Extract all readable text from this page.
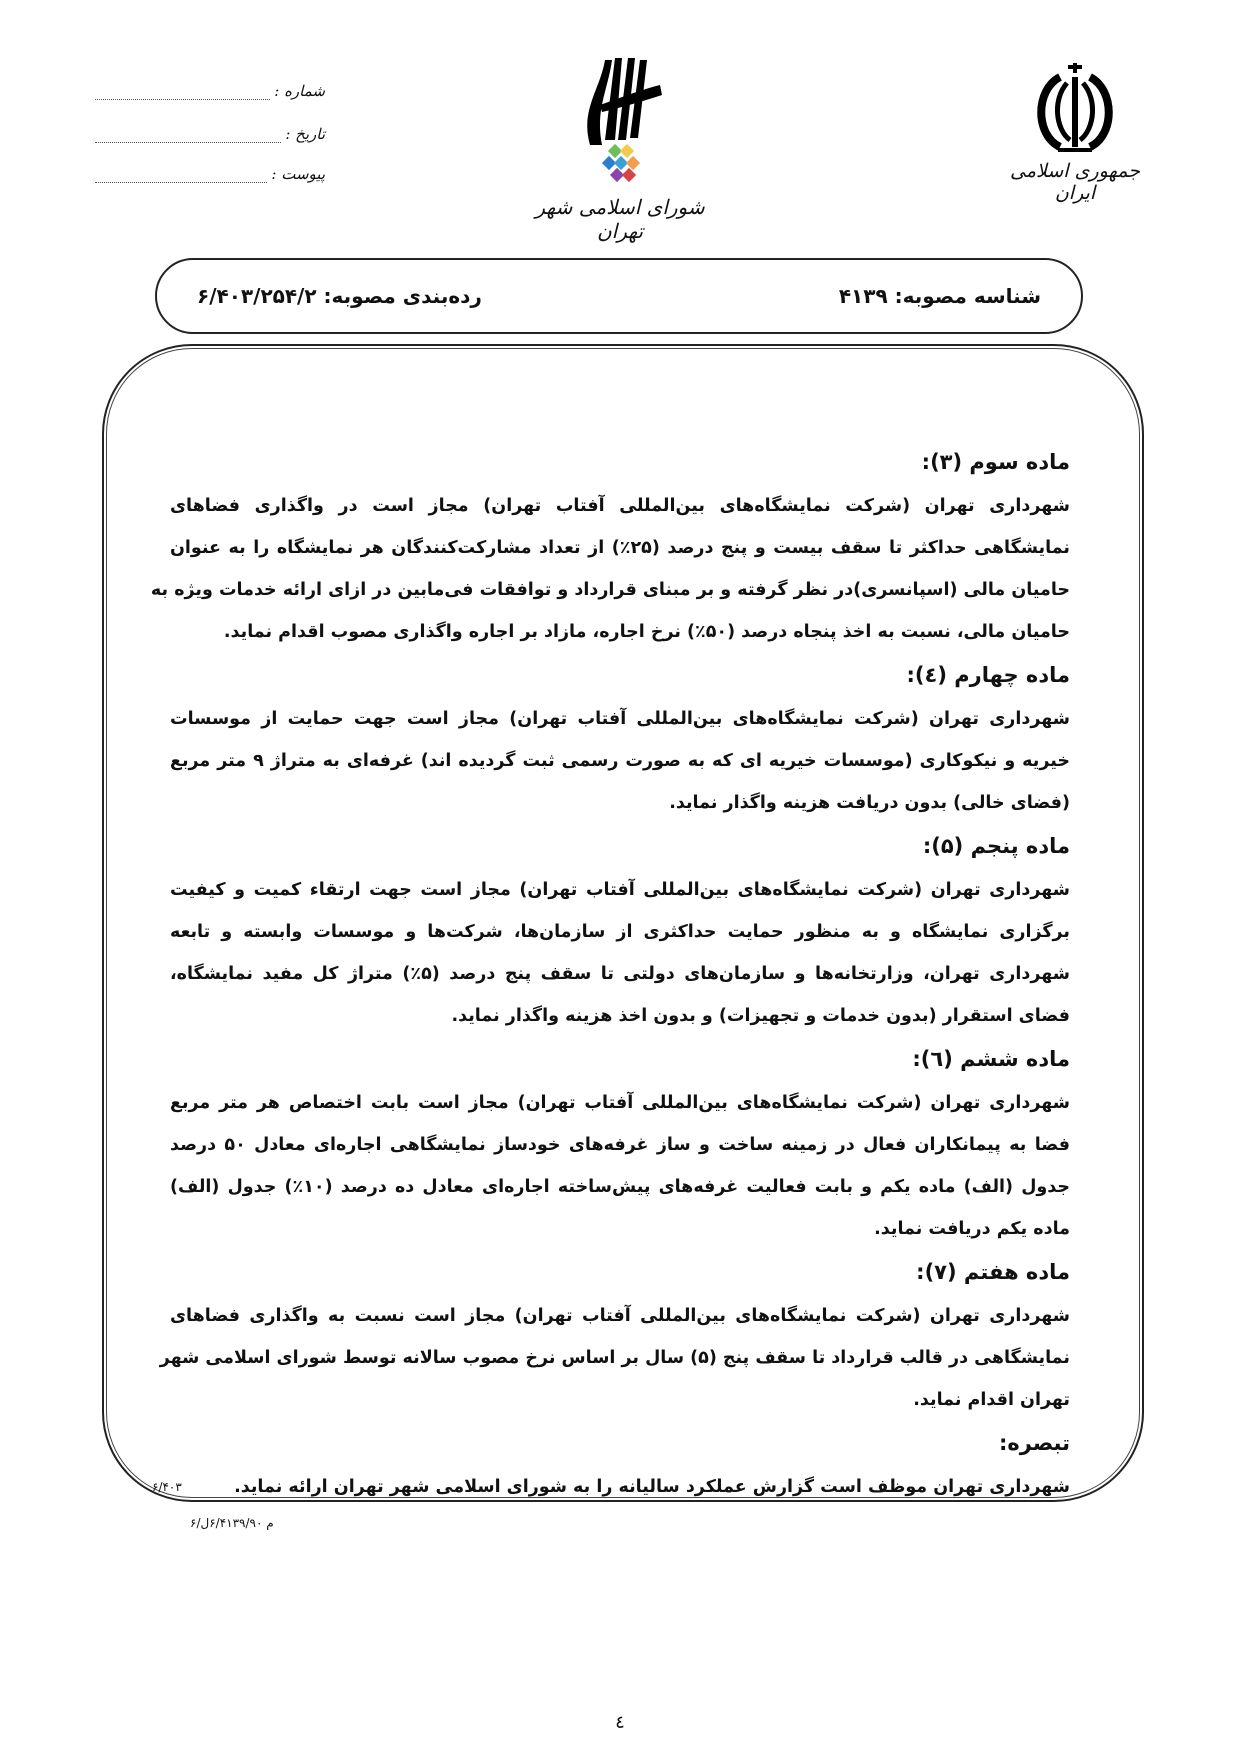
جمهوری اسلامی ایران
شورای اسلامی شهر تهران
شماره :
تاریخ :
پیوست :
شناسه مصوبه: ۴۱۳۹
رده‌بندی مصوبه: ۶/۴۰۳/۲۵۴/۲
ماده سوم (۳):
شهرداری تهران (شرکت نمایشگاه‌های بین‌المللی آفتاب تهران) مجاز است در واگذاری فضاهای
نمایشگاهی حداکثر تا سقف بیست و پنج درصد (۲۵٪) از تعداد مشارکت‌کنندگان هر نمایشگاه را به عنوان
حامیان مالی (اسپانسری)در نظر گرفته و بر مبنای قرارداد و توافقات فی‌مابین در ازای ارائه خدمات ویژه به
حامیان مالی، نسبت به اخذ پنجاه درصد (۵۰٪) نرخ اجاره، مازاد بر اجاره واگذاری مصوب اقدام نماید.
ماده چهارم (٤):
شهرداری تهران (شرکت نمایشگاه‌های بین‌المللی آفتاب تهران) مجاز است جهت حمایت از موسسات
خیریه و نیکوکاری (موسسات خیریه ای که به صورت رسمی ثبت گردیده اند) غرفه‌ای به متراژ ۹ متر مربع
(فضای خالی) بدون دریافت هزینه واگذار نماید.
ماده پنجم (۵):
شهرداری تهران (شرکت نمایشگاه‌های بین‌المللی آفتاب تهران) مجاز است جهت ارتقاء کمیت و کیفیت
برگزاری نمایشگاه و به منظور حمایت حداکثری از سازمان‌ها، شرکت‌ها و موسسات وابسته و تابعه
شهرداری تهران، وزارتخانه‌ها و سازمان‌های دولتی تا سقف پنج درصد (۵٪) متراژ کل مفید نمایشگاه،
فضای استقرار (بدون خدمات و تجهیزات) و بدون اخذ هزینه واگذار نماید.
ماده ششم (٦):
شهرداری تهران (شرکت نمایشگاه‌های بین‌المللی آفتاب تهران) مجاز است بابت اختصاص هر متر مربع
فضا به پیمانکاران فعال در زمینه ساخت و ساز غرفه‌های خودساز نمایشگاهی اجاره‌ای معادل ۵۰ درصد
جدول (الف) ماده یکم و بابت فعالیت غرفه‌های پیش‌ساخته اجاره‌ای معادل ده درصد (۱۰٪) جدول (الف)
ماده یکم دریافت نماید.
ماده هفتم (۷):
شهرداری تهران (شرکت نمایشگاه‌های بین‌المللی آفتاب تهران) مجاز است نسبت به واگذاری فضاهای
نمایشگاهی در قالب قرارداد تا سقف پنج (۵) سال بر اساس نرخ مصوب سالانه توسط شورای اسلامی شهر
تهران اقدام نماید.
تبصره:
شهرداری تهران موظف است گزارش عملکرد سالیانه را به شورای اسلامی شهر تهران ارائه نماید.
۶/۴۰۳
م ۶/۴۱۳۹/۹۰ل/۶
٤
